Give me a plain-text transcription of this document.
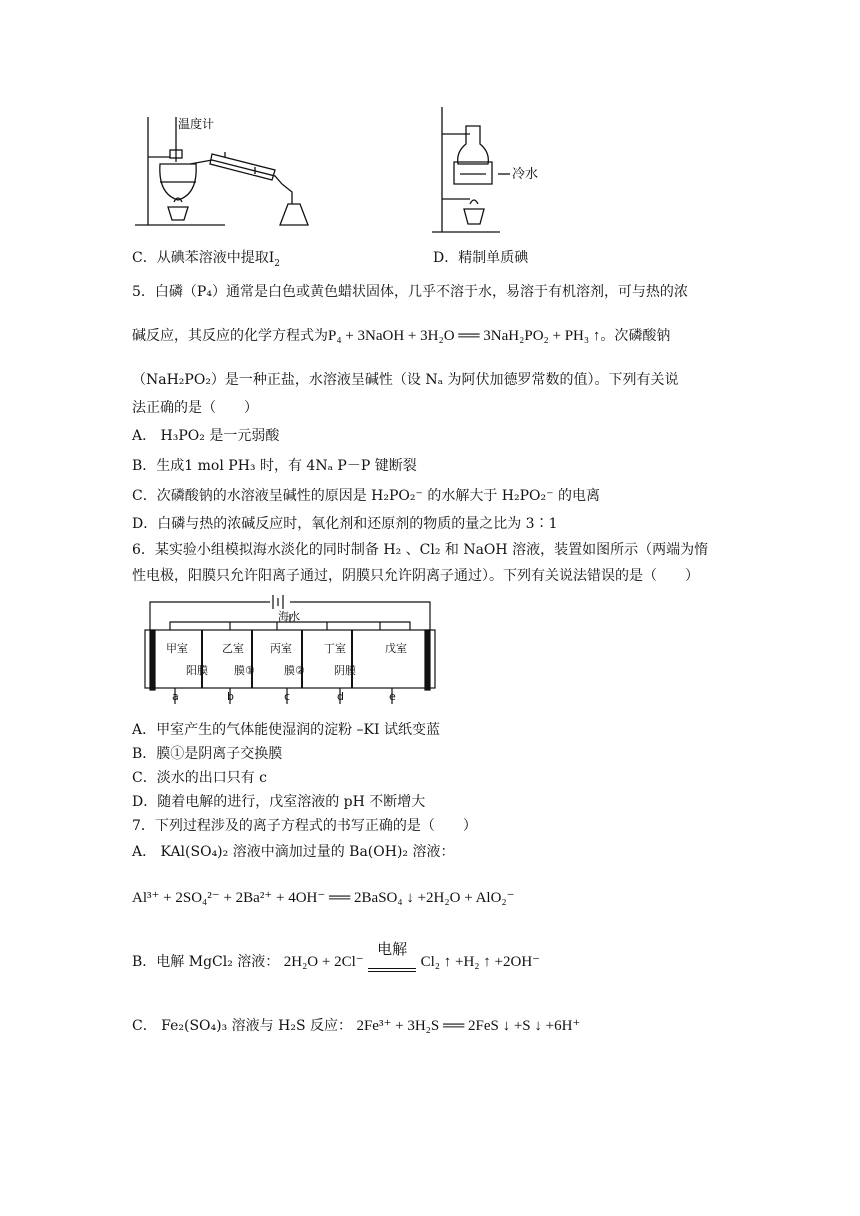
温度计
冷水
C．从碘苯溶液中提取$I_2$	D．精制单质碘
5．白磷（P₄）通常是白色或黄色蜡状固体，几乎不溶于水，易溶于有机溶剂，可与热的浓
碱反应，其反应的化学方程式为P₄ + 3NaOH + 3H₂O ══ 3NaH₂PO₂ + PH₃ ↑。次磷酸钠
（NaH₂PO₂）是一种正盐，水溶液呈碱性（设 Nₐ 为阿伏加德罗常数的值）。下列有关说
法正确的是（　　）
A． H₃PO₂ 是一元弱酸
B．生成1 mol PH₃ 时，有 4Nₐ P－P 键断裂
C．次磷酸钠的水溶液呈碱性的原因是 H₂PO₂⁻ 的水解大于 H₂PO₂⁻ 的电离
D．白磷与热的浓碱反应时，氧化剂和还原剂的物质的量之比为 3∶1
6．某实验小组模拟海水淡化的同时制备 H₂ 、Cl₂ 和 NaOH 溶液，装置如图所示（两端为惰
性电极，阳膜只允许阳离子通过，阴膜只允许阴离子通过）。下列有关说法错误的是（　　）
海水
甲室	乙室 丙室	丁室	戊室
阳膜 膜①	膜②	阴膜
a	b	c	d	e
A．甲室产生的气体能使湿润的淀粉 –KI 试纸变蓝
B．膜①是阴离子交换膜
C．淡水的出口只有 c
D．随着电解的进行，戊室溶液的 pH 不断增大
7．下列过程涉及的离子方程式的书写正确的是（　　）
A． KAl(SO₄)₂ 溶液中滴加过量的 Ba(OH)₂ 溶液：
Al³⁺ + 2SO₄²⁻ + 2Ba²⁺ + 4OH⁻ ══ 2BaSO₄ ↓ +2H₂O + AlO₂⁻
B．电解 MgCl₂ 溶液： 2H₂O + 2Cl⁻
电解
Cl₂ ↑ +H₂ ↑ +2OH⁻
C． Fe₂(SO₄)₃ 溶液与 H₂S 反应： 2Fe³⁺ + 3H₂S ══ 2FeS ↓ +S ↓ +6H⁺
